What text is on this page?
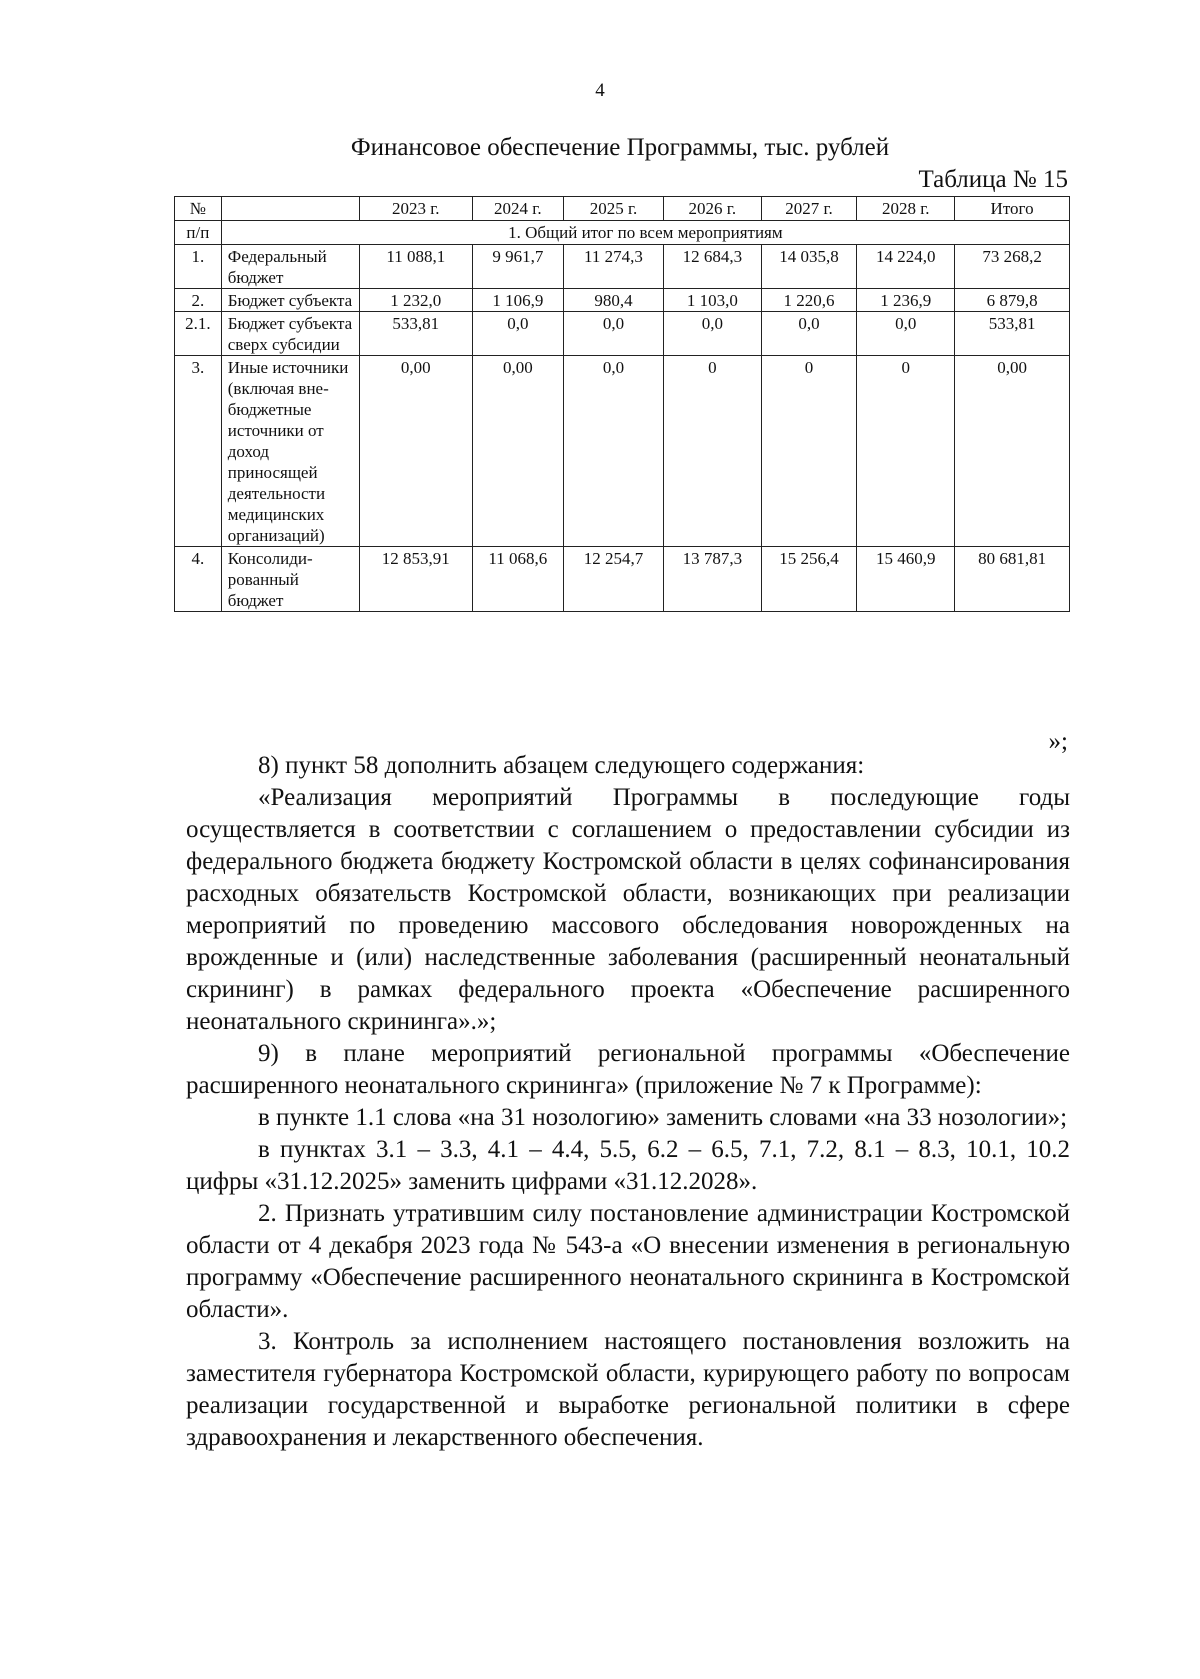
4
Финансовое обеспечение Программы, тыс. рублей
Таблица № 15
№		2023 г.	2024 г.	2025 г.	2026 г.	2027 г.	2028 г.	Итого
п/п	1. Общий итог по всем мероприятиям							
1.	Федеральный бюджет	11 088,1	9 961,7	11 274,3	12 684,3	14 035,8	14 224,0	73 268,2
2.	Бюджет субъекта	1 232,0	1 106,9	980,4	1 103,0	1 220,6	1 236,9	6 879,8
2.1.	Бюджет субъекта сверх субсидии	533,81	0,0	0,0	0,0	0,0	0,0	533,81
3.	Иные источники (включая вне-бюджетные источники от доход приносящей деятельности медицинских организаций)	0,00	0,00	0,0	0	0	0	0,00
4.	Консолиди-рованный бюджет	12 853,91	11 068,6	12 254,7	13 787,3	15 256,4	15 460,9	80 681,81
»;

8) пункт 58 дополнить абзацем следующего содержания:

«Реализация мероприятий Программы в последующие годы осуществляется в соответствии с соглашением о предоставлении субсидии из федерального бюджета бюджету Костромской области в целях софинансирования расходных обязательств Костромской области, возникающих при реализации мероприятий по проведению массового обследования новорожденных на врожденные и (или) наследственные заболевания (расширенный неонатальный скрининг) в рамках федерального проекта «Обеспечение расширенного неонатального скрининга».»;

9) в плане мероприятий региональной программы «Обеспечение расширенного неонатального скрининга» (приложение № 7 к Программе):

в пункте 1.1 слова «на 31 нозологию» заменить словами «на 33 нозологии»;

в пунктах 3.1 – 3.3, 4.1 – 4.4, 5.5, 6.2 – 6.5, 7.1, 7.2, 8.1 – 8.3, 10.1, 10.2 цифры «31.12.2025» заменить цифрами «31.12.2028».

2. Признать утратившим силу постановление администрации Костромской области от 4 декабря 2023 года № 543-а «О внесении изменения в региональную программу «Обеспечение расширенного неонатального скрининга в Костромской области».

3. Контроль за исполнением настоящего постановления возложить на заместителя губернатора Костромской области, курирующего работу по вопросам реализации государственной и выработке региональной политики в сфере здравоохранения и лекарственного обеспечения.
